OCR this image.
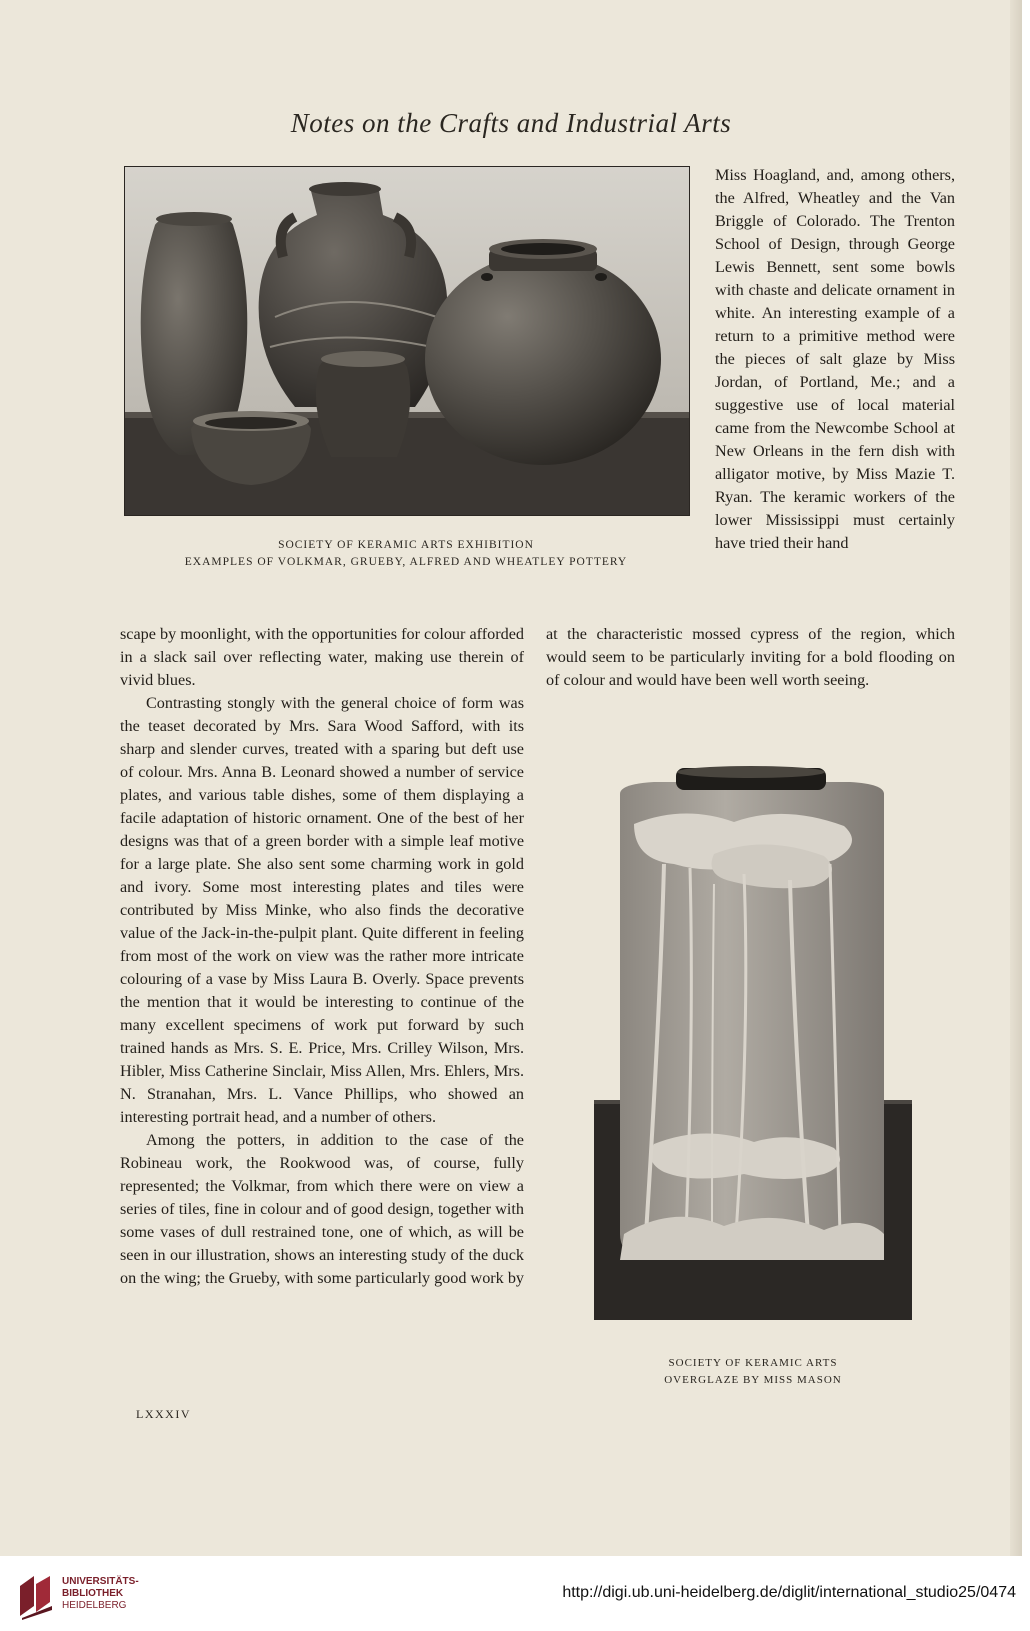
Notes on the Crafts and Industrial Arts
SOCIETY OF KERAMIC ARTS EXHIBITION
EXAMPLES OF VOLKMAR, GRUEBY, ALFRED AND WHEATLEY POTTERY

Miss Hoagland, and, among others, the Alfred, Wheatley and the Van Briggle of Colorado. The Trenton School of Design, through George Lewis Bennett, sent some bowls with chaste and delicate ornament in white. An interesting example of a return to a primitive method were the pieces of salt glaze by Miss Jordan, of Portland, Me.; and a suggestive use of local material came from the Newcombe School at New Orleans in the fern dish with alligator motive, by Miss Mazie T. Ryan. The keramic workers of the lower Mississippi must certainly have tried their hand

at the characteristic mossed cypress of the region, which would seem to be particularly inviting for a bold flooding on of colour and would have been well worth seeing.

scape by moonlight, with the opportunities for colour afforded in a slack sail over reflecting water, making use therein of vivid blues.

Contrasting stongly with the general choice of form was the teaset decorated by Mrs. Sara Wood Safford, with its sharp and slender curves, treated with a sparing but deft use of colour. Mrs. Anna B. Leonard showed a number of service plates, and various table dishes, some of them displaying a facile adaptation of historic ornament. One of the best of her designs was that of a green border with a simple leaf motive for a large plate. She also sent some charming work in gold and ivory. Some most interesting plates and tiles were contributed by Miss Minke, who also finds the decorative value of the Jack-in-the-pulpit plant. Quite different in feeling from most of the work on view was the rather more intricate colouring of a vase by Miss Laura B. Overly. Space prevents the mention that it would be interesting to continue of the many excellent specimens of work put forward by such trained hands as Mrs. S. E. Price, Mrs. Crilley Wilson, Mrs. Hibler, Miss Catherine Sinclair, Miss Allen, Mrs. Ehlers, Mrs. N. Stranahan, Mrs. L. Vance Phillips, who showed an interesting portrait head, and a number of others.

Among the potters, in addition to the case of the Robineau work, the Rookwood was, of course, fully represented; the Volkmar, from which there were on view a series of tiles, fine in colour and of good design, together with some vases of dull restrained tone, one of which, as will be seen in our illustration, shows an interesting study of the duck on the wing; the Grueby, with some particularly good work by

SOCIETY OF KERAMIC ARTS
OVERGLAZE BY MISS MASON
LXXXIV
UNIVERSITÄTS-
BIBLIOTHEK
HEIDELBERG
http://digi.ub.uni-heidelberg.de/diglit/international_studio25/0474
